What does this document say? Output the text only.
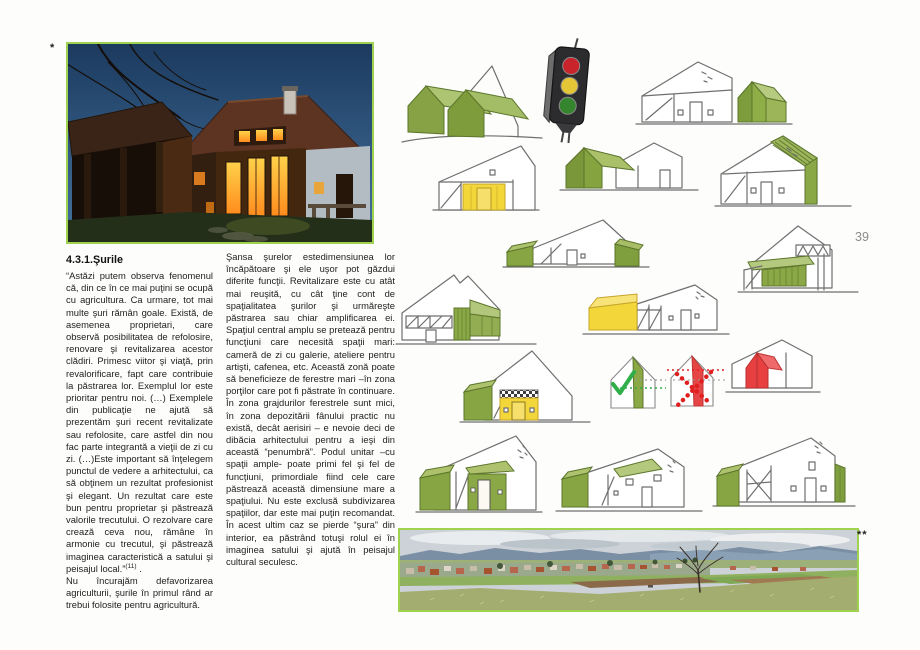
*
4.3.1.Şurile

“Astăzi putem observa fenomenul că, din ce în ce mai puţini se ocupă cu agricultura. Ca urmare, tot mai multe şuri rămân goale. Există, de asemenea proprietari, care observă posibilitatea de refolosire, renovare şi revitalizarea acestor clădiri. Primesc viitor şi viaţă, prin revalorificare, fapt care contribuie la păstrarea lor. Exemplul lor este prioritar pentru noi. (…) Exemplele din publicaţie ne ajută să prezentăm şuri recent revitalizate sau refolosite, care astfel din nou fac parte integrantă a vieţii de zi cu zi. (…)Este important să înţelegem punctul de vedere a arhitectului, ca să obţinem un rezultat profesionist şi elegant. Un rezultat care este bun pentru proprietar şi păstrează valorile trecutului. O rezolvare care crează ceva nou, rămâne în armonie cu trecutul, şi păstrează imaginea caracteristică a satului şi peisajul local.”$^{(11)}$ .

Nu încurajăm defavorizarea agriculturii, şurile în primul rând ar trebui folosite pentru agricultură.

Şansa şurelor estedimensiunea lor încăpătoare şi ele uşor pot găzdui diferite funcţii. Revitalizare este cu atât mai reuşită, cu cât ţine cont de spaţialitatea şurilor şi urmăreşte păstrarea sau chiar amplificarea ei. Spaţiul central amplu se pretează pentru funcţiuni care necesită spaţii mari: cameră de zi cu galerie, ateliere pentru artişti, cafenea, etc. Această zonă poate să beneficieze de ferestre mari –în zona porţilor care pot fi păstrate în continuare. În zona grajdurilor ferestrele sunt mici, în zona depozitării fânului practic nu există, decât aerisiri – e nevoie deci de dibăcia arhitectului pentru a ieşi din această “penumbră”. Podul unitar –cu spaţii ample- poate primi fel şi fel de funcţiuni, primordiale fiind cele care păstrează această dimensiune mare a spaţiului. Nu este exclusă subdivizarea spaţiilor, dar este mai puţin recomandat. În acest ultim caz se pierde “şura” din interior, ea păstrând totuşi rolul ei în imaginea satului şi ajută în peisajul cultural seculesc.

39
**
